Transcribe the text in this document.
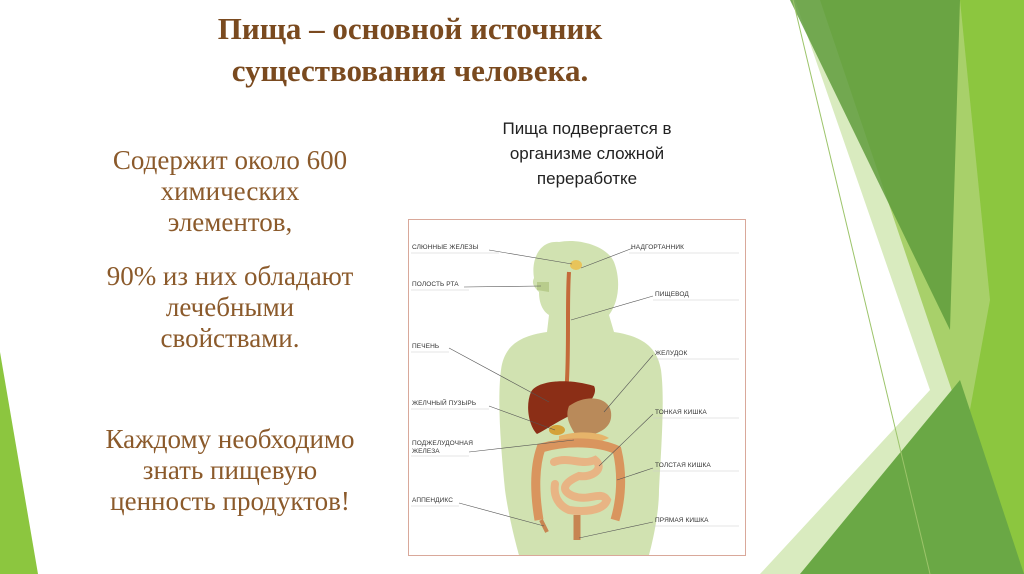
Пища – основной источник
существования человека.
Содержит около 600
химических
элементов,
90% из них обладают
лечебными
свойствами.
Каждому необходимо
знать пищевую
ценность продуктов!
Пища подвергается в
организме сложной
переработке
СЛЮННЫЕ ЖЕЛЕЗЫ
ПОЛОСТЬ РТА
ПЕЧЕНЬ
ЖЕЛЧНЫЙ ПУЗЫРЬ
ПОДЖЕЛУДОЧНАЯ
ЖЕЛЕЗА
АППЕНДИКС
НАДГОРТАННИК
ПИЩЕВОД
ЖЕЛУДОК
ТОНКАЯ КИШКА
ТОЛСТАЯ КИШКА
ПРЯМАЯ КИШКА
